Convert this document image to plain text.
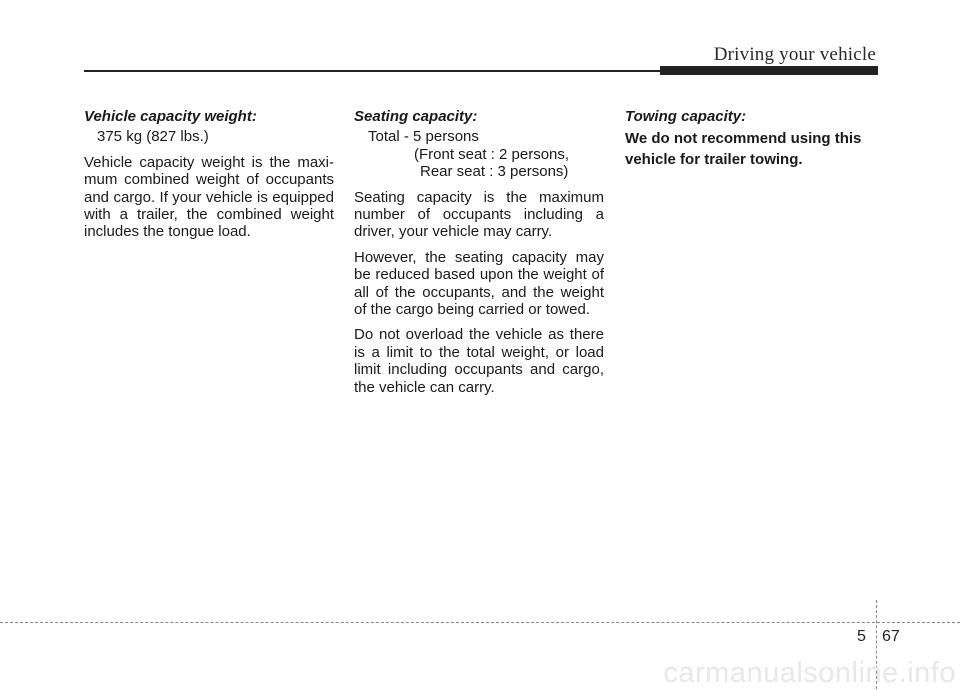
Driving your vehicle

Vehicle capacity weight:

375 kg (827 lbs.)

Vehicle capacity weight is the maxi-mum combined weight of occupants and cargo. If your vehicle is equipped with a trailer, the combined weight includes the tongue load.

Seating capacity:

Total - 5 persons

(Front seat : 2 persons,

Rear seat : 3 persons)

Seating capacity is the maximum number of occupants including a driver, your vehicle may carry.

However, the seating capacity may be reduced based upon the weight of all of the occupants, and the weight of the cargo being carried or towed.

Do not overload the vehicle as there is a limit to the total weight, or load limit including occupants and cargo, the vehicle can carry.

Towing capacity:

We do not recommend using this vehicle for trailer towing.

5 67
carmanualsonline.info
